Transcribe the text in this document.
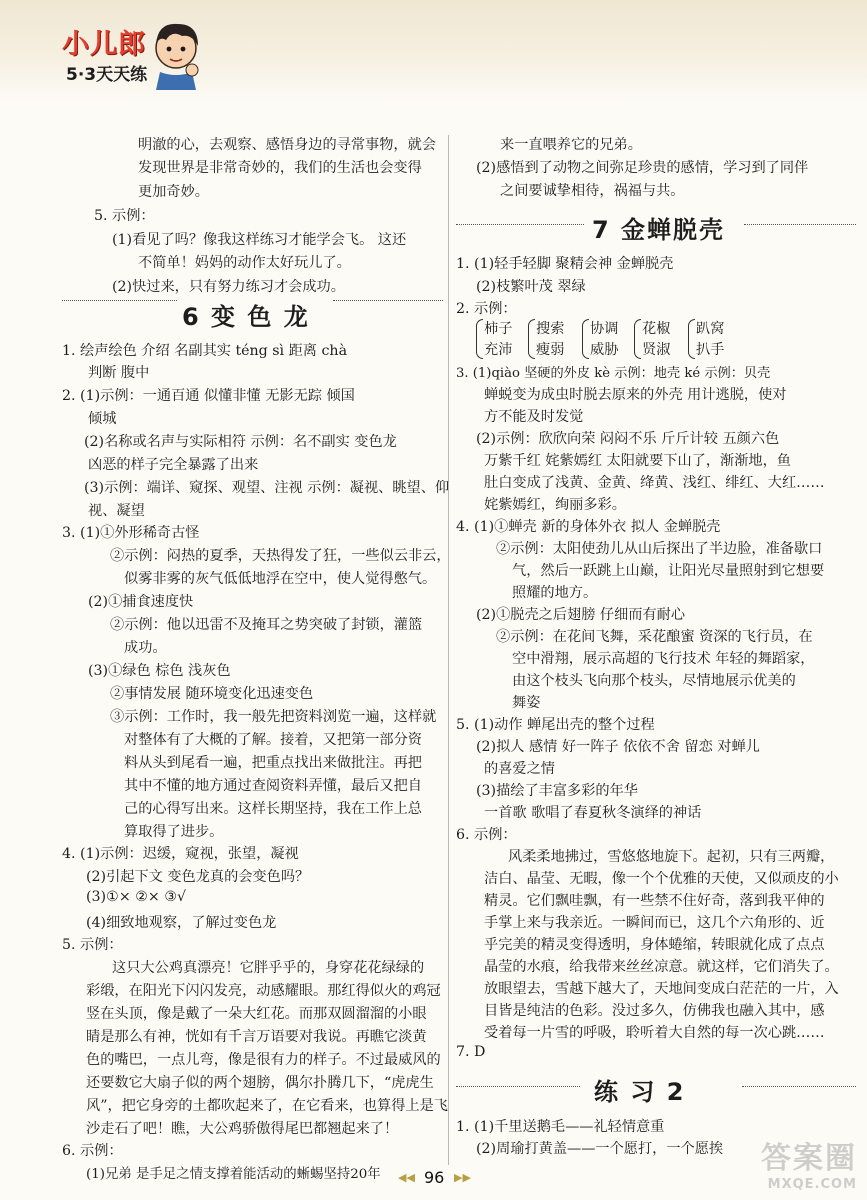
小儿郎
5·3天天练
明澈的心，去观察、感悟身边的寻常事物，就会
发现世界是非常奇妙的，我们的生活也会变得
更加奇妙。
5. 示例：
(1)看见了吗？像我这样练习才能学会飞。 这还
不简单！妈妈的动作太好玩儿了。
(2)快过来，只有努力练习才会成功。
6 变 色 龙
1. 绘声绘色 介绍 名副其实 téng sì 距离 chà
判断 腹中
2. (1)示例：一通百通 似懂非懂 无影无踪 倾国
倾城
(2)名称或名声与实际相符 示例：名不副实 变色龙
凶恶的样子完全暴露了出来
(3)示例：端详、窥探、观望、注视 示例：凝视、眺望、仰
视、凝望
3. (1)①外形稀奇古怪
②示例：闷热的夏季，天热得发了狂，一些似云非云，
似雾非雾的灰气低低地浮在空中，使人觉得憋气。
(2)①捕食速度快
②示例：他以迅雷不及掩耳之势突破了封锁，灌篮
成功。
(3)①绿色 棕色 浅灰色
②事情发展 随环境变化迅速变色
③示例：工作时，我一般先把资料浏览一遍，这样就
对整体有了大概的了解。接着，又把第一部分资
料从头到尾看一遍，把重点找出来做批注。再把
其中不懂的地方通过查阅资料弄懂，最后又把自
己的心得写出来。这样长期坚持，我在工作上总
算取得了进步。
4. (1)示例：迟缓，窥视，张望，凝视
(2)引起下文 变色龙真的会变色吗？
(3)①× ②× ③√
(4)细致地观察，了解过变色龙
5. 示例：
这只大公鸡真漂亮！它胖乎乎的，身穿花花绿绿的
彩缎，在阳光下闪闪发亮，动感耀眼。那红得似火的鸡冠
竖在头顶，像是戴了一朵大红花。而那双圆溜溜的小眼
睛是那么有神，恍如有千言万语要对我说。再瞧它淡黄
色的嘴巴，一点儿弯，像是很有力的样子。不过最威风的
还要数它大扇子似的两个翅膀，偶尔扑腾几下，“虎虎生
风”，把它身旁的土都吹起来了，在它看来，也算得上是飞
沙走石了吧！瞧，大公鸡骄傲得尾巴都翘起来了！
6. 示例：
(1)兄弟 是手足之情支撑着能活动的蜥蜴坚持20年
来一直喂养它的兄弟。
(2)感悟到了动物之间弥足珍贵的感情，学习到了同伴
之间要诚挚相待，祸福与共。
7 金蝉脱壳
1. (1)轻手轻脚 聚精会神 金蝉脱壳
(2)枝繁叶茂 翠绿
2. 示例：
柿子
充沛
搜索
瘦弱
协调
威胁
花椒
贤淑
趴窝
扒手
3. (1)qiào 坚硬的外皮 kè 示例：地壳 ké 示例：贝壳
蝉蜕变为成虫时脱去原来的外壳 用计逃脱，使对
方不能及时发觉
(2)示例：欣欣向荣 闷闷不乐 斤斤计较 五颜六色
万紫千红 姹紫嫣红 太阳就要下山了，渐渐地，鱼
肚白变成了浅黄、金黄、绛黄、浅红、绯红、大红……
姹紫嫣红，绚丽多彩。
4. (1)①蝉壳 新的身体外衣 拟人 金蝉脱壳
②示例：太阳使劲儿从山后探出了半边脸，准备歇口
气，然后一跃跳上山巅，让阳光尽量照射到它想要
照耀的地方。
(2)①脱壳之后翅膀 仔细而有耐心
②示例：在花间飞舞，采花酿蜜 资深的飞行员，在
空中滑翔，展示高超的飞行技术 年轻的舞蹈家，
由这个枝头飞向那个枝头，尽情地展示优美的
舞姿
5. (1)动作 蝉尾出壳的整个过程
(2)拟人 感情 好一阵子 依依不舍 留恋 对蝉儿
的喜爱之情
(3)描绘了丰富多彩的年华
一首歌 歌唱了春夏秋冬演绎的神话
6. 示例：
风柔柔地拂过，雪悠悠地旋下。起初，只有三两瓣，
洁白、晶莹、无暇，像一个个优雅的天使，又似顽皮的小
精灵。它们飘哇飘，有一些禁不住好奇，落到我平伸的
手掌上来与我亲近。一瞬间而已，这几个六角形的、近
乎完美的精灵变得透明，身体蜷缩，转眼就化成了点点
晶莹的水痕，给我带来丝丝凉意。就这样，它们消失了。
放眼望去，雪越下越大了，天地间变成白茫茫的一片，入
目皆是纯洁的色彩。没过多久，仿佛我也融入其中，感
受着每一片雪的呼吸，聆听着大自然的每一次心跳……
7. D
练 习 2
1. (1)千里送鹅毛——礼轻情意重
(2)周瑜打黄盖——一个愿打，一个愿挨
◀◀ 96 ▶▶
答案圈
MXQE.COM
